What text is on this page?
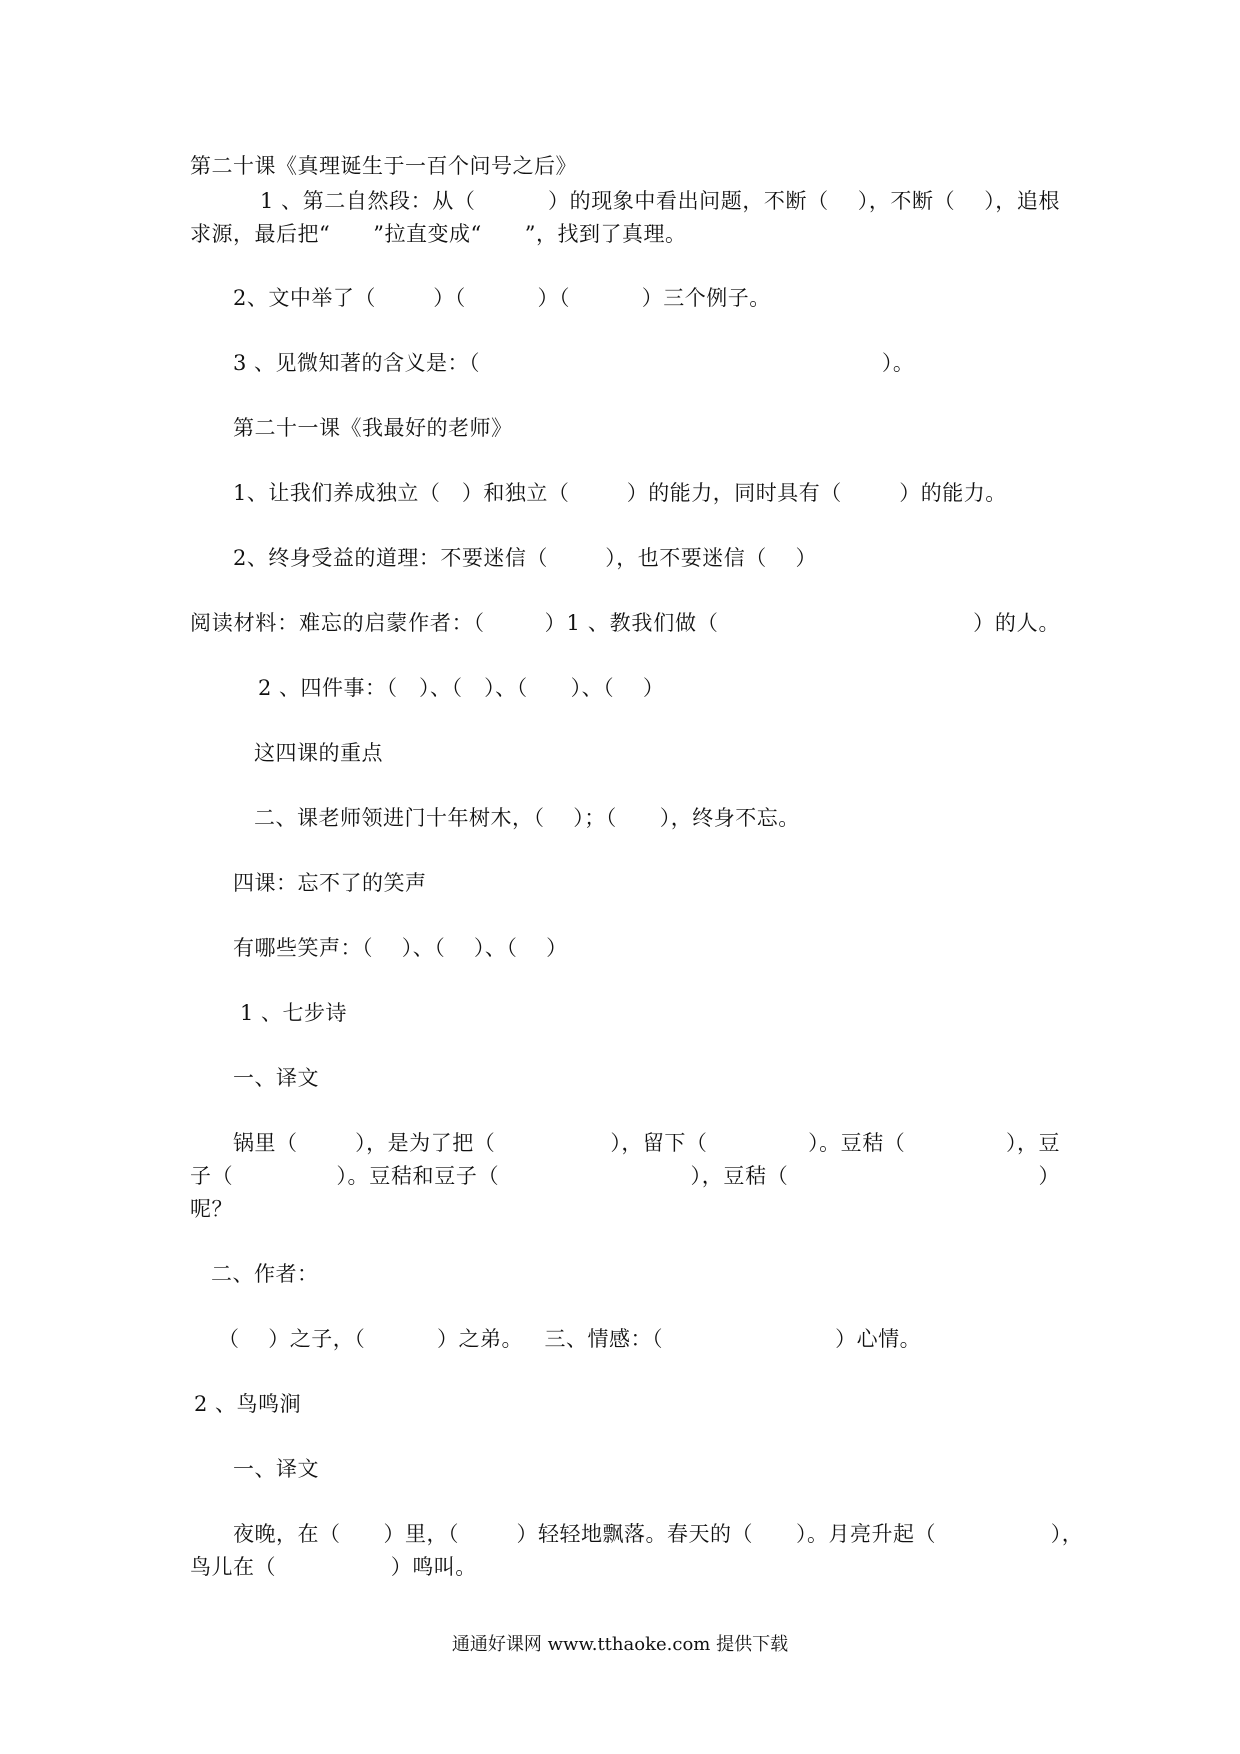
第二十课《真理诞生于一百个问号之后》
1 、第二自然段：从（          ）的现象中看出问题，不断（    ），不断（    ），追根
求源，最后把“      ”拉直变成“      ”，找到了真理。
2、文中举了（        ）（          ）（          ）三个例子。
3 、见微知著的含义是：（                                                        ）。
第二十一课《我最好的老师》
1、让我们养成独立（   ）和独立（        ）的能力，同时具有（        ）的能力。
2、终身受益的道理：不要迷信（        ），也不要迷信（    ）
阅读材料：难忘的启蒙作者：（        ）1 、教我们做（                                  ）的人。
2 、四件事：（   ）、（   ）、（      ）、（    ）
这四课的重点
二、课老师领进门十年树木，（    ）；（      ），终身不忘。
四课：忘不了的笑声
有哪些笑声：（    ）、（    ）、（    ）
1 、七步诗
一、译文
锅里（        ），是为了把（                ），留下（              ）。豆秸（              ），豆
子（              ）。豆秸和豆子（                          ），豆秸（                                  ）
呢？
二、作者：
（    ）之子，（          ）之弟。   三、情感：（                        ）心情。
2 、鸟鸣涧
一、译文
夜晚，在（      ）里，（        ）轻轻地飘落。春天的（      ）。月亮升起（                ），
鸟儿在（                ）鸣叫。
通通好课网 www.tthaoke.com 提供下载
